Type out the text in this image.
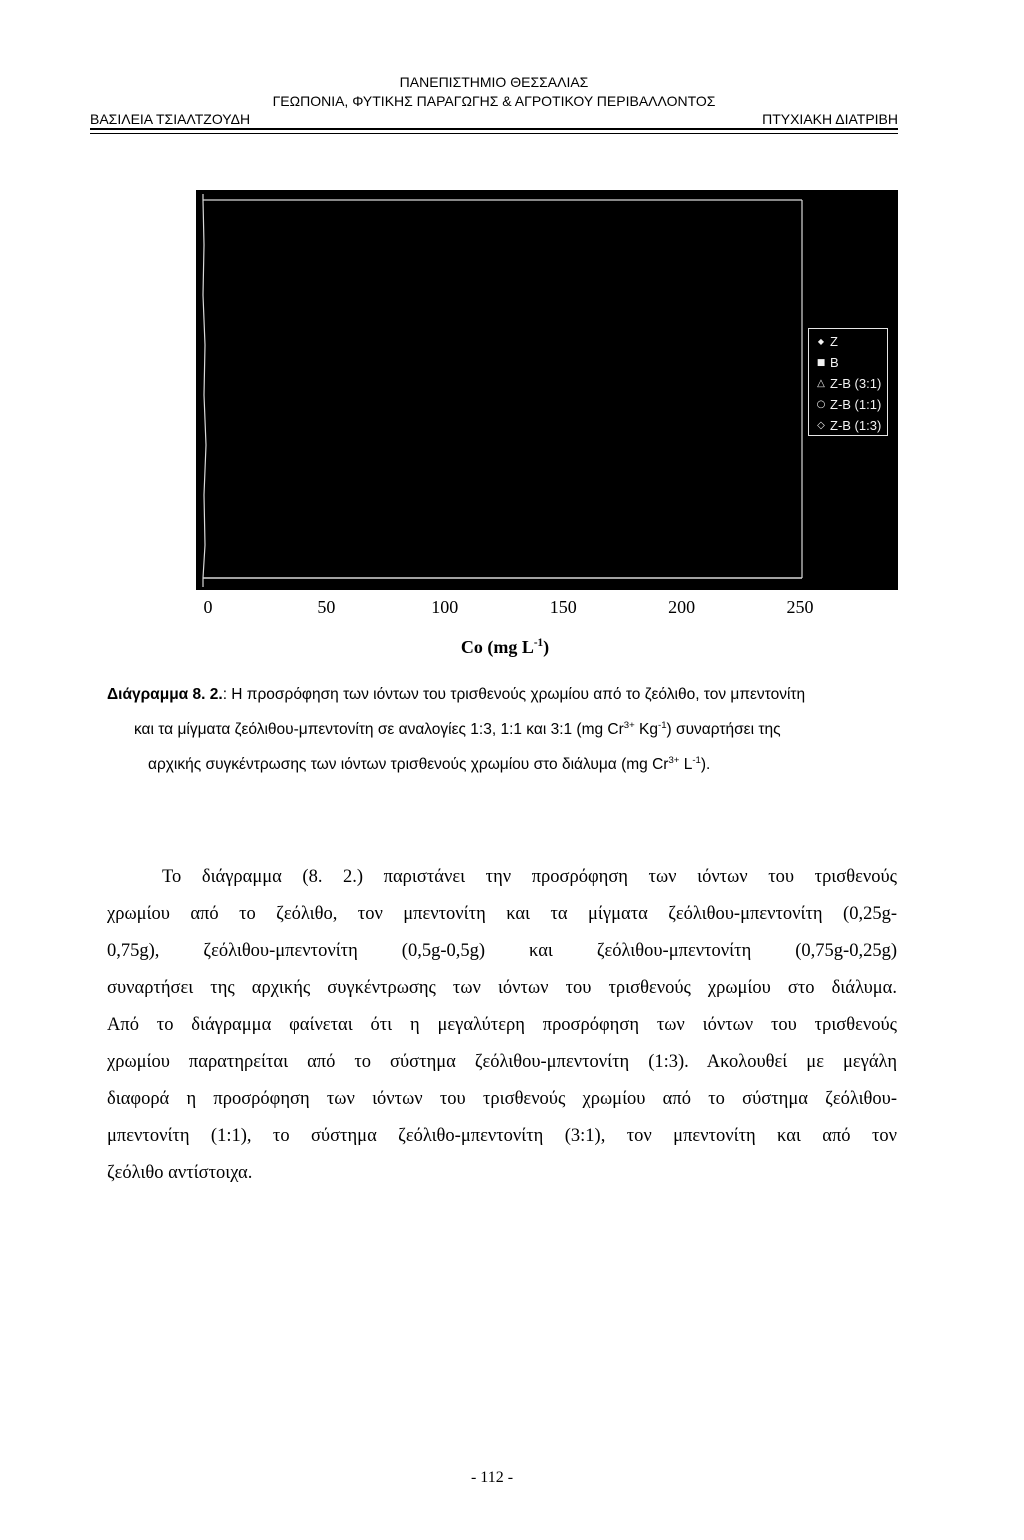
ΠΑΝΕΠΙΣΤΗΜΙΟ ΘΕΣΣΑΛΙΑΣ
ΓΕΩΠΟΝΙΑ, ΦΥΤΙΚΗΣ ΠΑΡΑΓΩΓΗΣ & ΑΓΡΟΤΙΚΟΥ ΠΕΡΙΒΑΛΛΟΝΤΟΣ
ΒΑΣΙΛΕΙΑ ΤΣΙΑΛΤΖΟΥΔΗ	ΠΤΥΧΙΑΚΗ ΔΙΑΤΡΙΒΗ
◆
Z
■
B
△
Z-B (3:1)
○
Z-B (1:1)
◇
Z-B (1:3)
0	50	100	150	200	250
Co (mg $L^{-1}$)
Διάγραμμα 8. 2.: Η προσρόφηση των ιόντων του τρισθενούς χρωμίου από το ζεόλιθο, τον μπεντονίτη
και τα μίγματα ζεόλιθου-μπεντονίτη σε αναλογίες 1:3, 1:1 και 3:1 (mg $Cr^{3+}$ $Kg^{-1}$) συναρτήσει της
αρχικής συγκέντρωσης των ιόντων τρισθενούς χρωμίου στο διάλυμα (mg $Cr^{3+}$ $L^{-1}$).
Το διάγραμμα (8. 2.) παριστάνει την προσρόφηση των ιόντων του τρισθενούς
χρωμίου από το ζεόλιθο, τον μπεντονίτη και τα μίγματα ζεόλιθου-μπεντονίτη (0,25g-
0,75g), ζεόλιθου-μπεντονίτη (0,5g-0,5g) και ζεόλιθου-μπεντονίτη (0,75g-0,25g)
συναρτήσει της αρχικής συγκέντρωσης των ιόντων του τρισθενούς χρωμίου στο διάλυμα.
Από το διάγραμμα φαίνεται ότι η μεγαλύτερη προσρόφηση των ιόντων του τρισθενούς
χρωμίου παρατηρείται από το σύστημα ζεόλιθου-μπεντονίτη (1:3). Ακολουθεί με μεγάλη
διαφορά η προσρόφηση των ιόντων του τρισθενούς χρωμίου από το σύστημα ζεόλιθου-
μπεντονίτη (1:1), το σύστημα ζεόλιθο-μπεντονίτη (3:1), τον μπεντονίτη και από τον
ζεόλιθο αντίστοιχα.
- 112 -
